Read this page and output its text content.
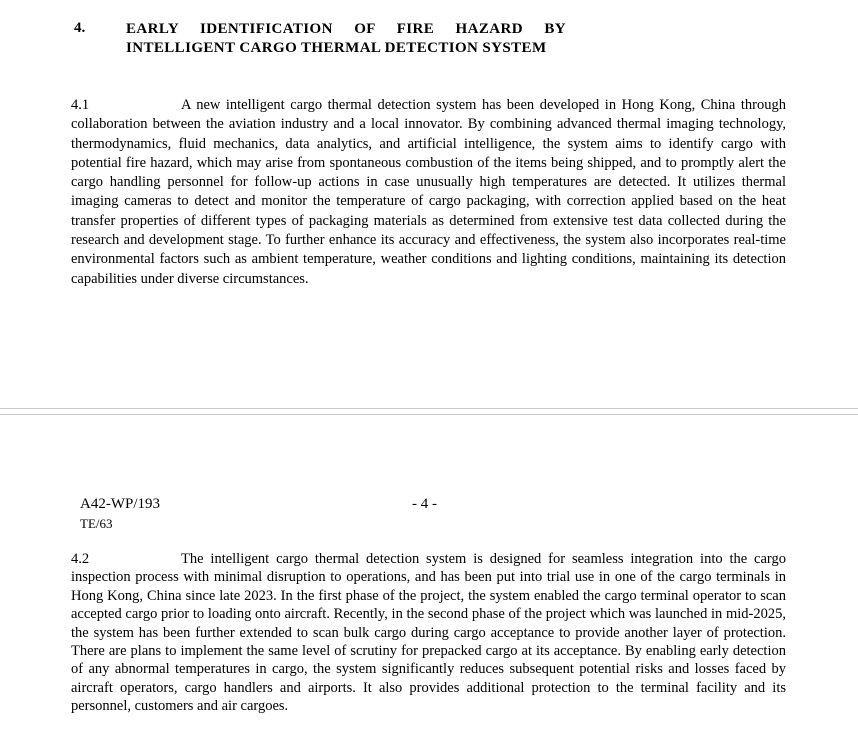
4.	EARLY IDENTIFICATION OF FIRE HAZARD BY INTELLIGENT CARGO THERMAL DETECTION SYSTEM

4.1	A new intelligent cargo thermal detection system has been developed in Hong Kong, China through collaboration between the aviation industry and a local innovator. By combining advanced thermal imaging technology, thermodynamics, fluid mechanics, data analytics, and artificial intelligence, the system aims to identify cargo with potential fire hazard, which may arise from spontaneous combustion of the items being shipped, and to promptly alert the cargo handling personnel for follow-up actions in case unusually high temperatures are detected. It utilizes thermal imaging cameras to detect and monitor the temperature of cargo packaging, with correction applied based on the heat transfer properties of different types of packaging materials as determined from extensive test data collected during the research and development stage. To further enhance its accuracy and effectiveness, the system also incorporates real-time environmental factors such as ambient temperature, weather conditions and lighting conditions, maintaining its detection capabilities under diverse circumstances.

A42-WP/193
TE/63
- 4 -

4.2	The intelligent cargo thermal detection system is designed for seamless integration into the cargo inspection process with minimal disruption to operations, and has been put into trial use in one of the cargo terminals in Hong Kong, China since late 2023. In the first phase of the project, the system enabled the cargo terminal operator to scan accepted cargo prior to loading onto aircraft. Recently, in the second phase of the project which was launched in mid-2025, the system has been further extended to scan bulk cargo during cargo acceptance to provide another layer of protection. There are plans to implement the same level of scrutiny for prepacked cargo at its acceptance. By enabling early detection of any abnormal temperatures in cargo, the system significantly reduces subsequent potential risks and losses faced by aircraft operators, cargo handlers and airports. It also provides additional protection to the terminal facility and its personnel, customers and air cargoes.
